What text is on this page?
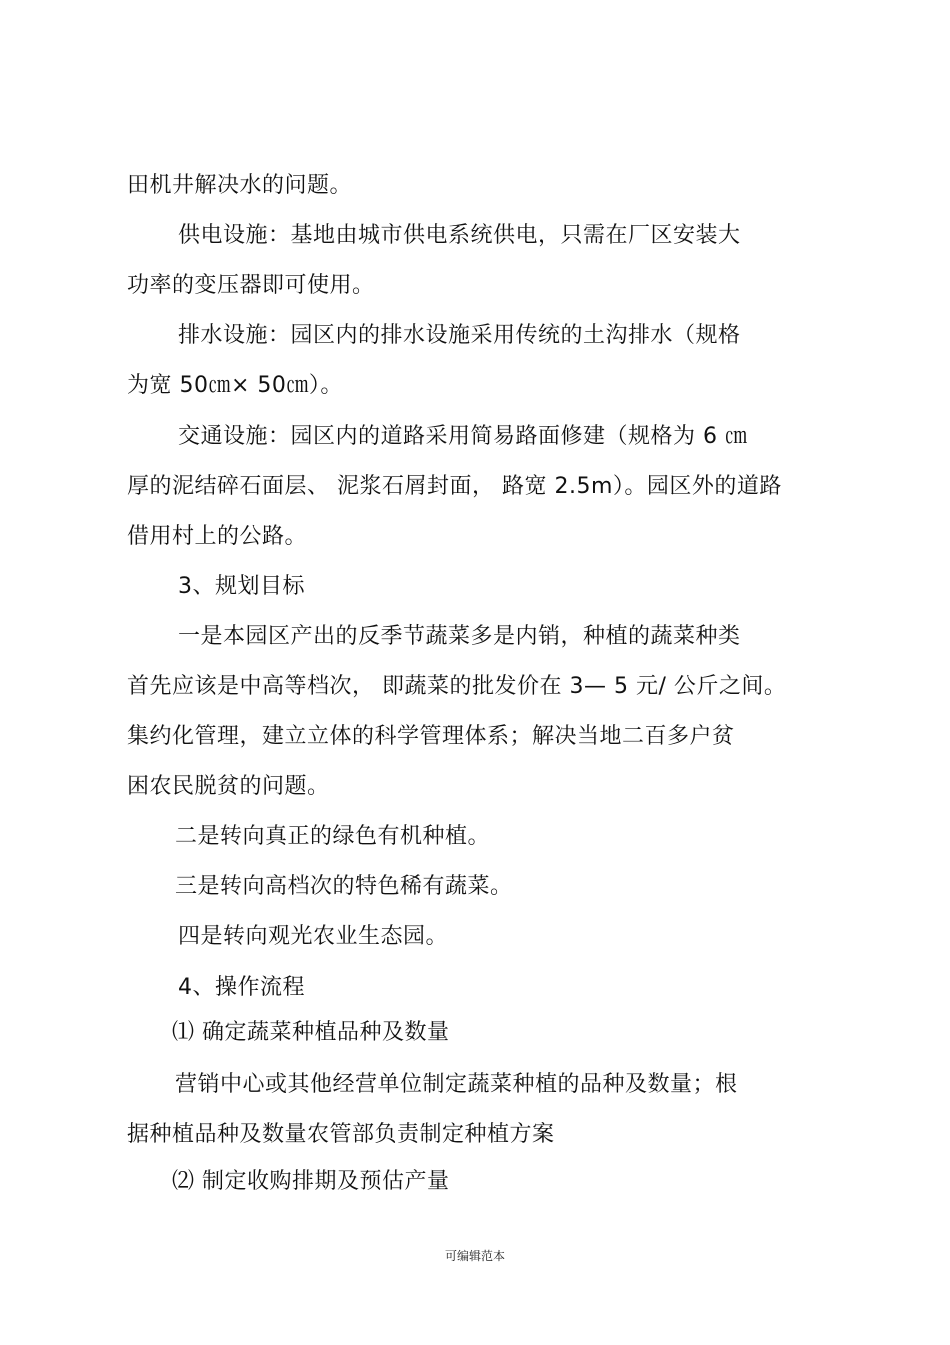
田机井解决水的问题。
供电设施：基地由城市供电系统供电，只需在厂区安装大
功率的变压器即可使用。
排水设施：园区内的排水设施采用传统的土沟排水（规格
为宽 50㎝× 50㎝）。
交通设施：园区内的道路采用简易路面修建（规格为 6 ㎝
厚的泥结碎石面层、 泥浆石屑封面， 路宽 2.5m）。园区外的道路
借用村上的公路。
3、规划目标
一是本园区产出的反季节蔬菜多是内销，种植的蔬菜种类
首先应该是中高等档次， 即蔬菜的批发价在 3— 5 元/ 公斤之间。
集约化管理，建立立体的科学管理体系；解决当地二百多户贫
困农民脱贫的问题。
二是转向真正的绿色有机种植。
三是转向高档次的特色稀有蔬菜。
四是转向观光农业生态园。
4、操作流程
⑴ 确定蔬菜种植品种及数量
营销中心或其他经营单位制定蔬菜种植的品种及数量；根
据种植品种及数量农管部负责制定种植方案
⑵ 制定收购排期及预估产量
可编辑范本
